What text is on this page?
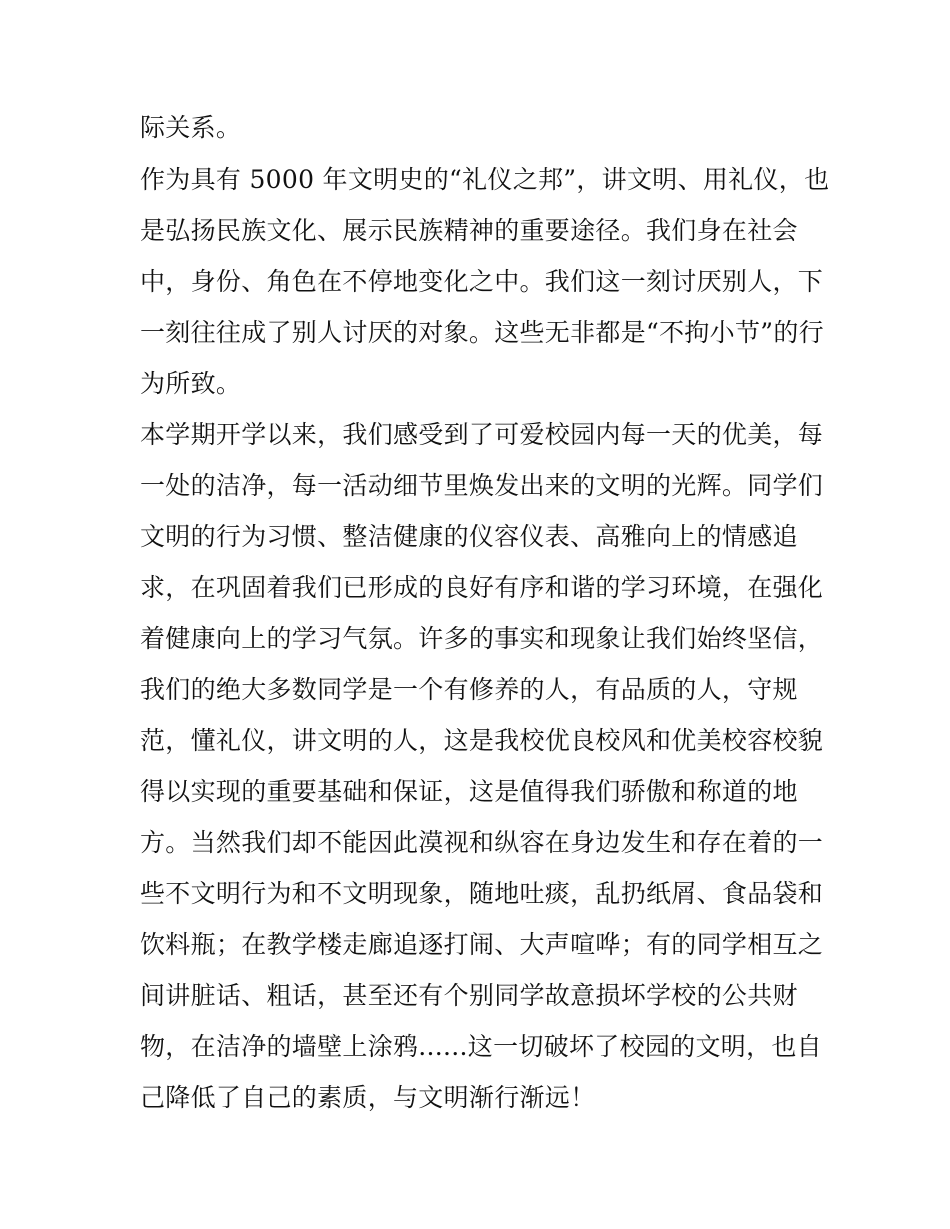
际关系。
作为具有 5000 年文明史的“礼仪之邦”，讲文明、用礼仪，也
是弘扬民族文化、展示民族精神的重要途径。我们身在社会
中，身份、角色在不停地变化之中。我们这一刻讨厌别人，下
一刻往往成了别人讨厌的对象。这些无非都是“不拘小节”的行
为所致。
本学期开学以来，我们感受到了可爱校园内每一天的优美，每
一处的洁净，每一活动细节里焕发出来的文明的光辉。同学们
文明的行为习惯、整洁健康的仪容仪表、高雅向上的情感追
求，在巩固着我们已形成的良好有序和谐的学习环境，在强化
着健康向上的学习气氛。许多的事实和现象让我们始终坚信，
我们的绝大多数同学是一个有修养的人，有品质的人，守规
范，懂礼仪，讲文明的人，这是我校优良校风和优美校容校貌
得以实现的重要基础和保证，这是值得我们骄傲和称道的地
方。当然我们却不能因此漠视和纵容在身边发生和存在着的一
些不文明行为和不文明现象，随地吐痰，乱扔纸屑、食品袋和
饮料瓶；在教学楼走廊追逐打闹、大声喧哗；有的同学相互之
间讲脏话、粗话，甚至还有个别同学故意损坏学校的公共财
物，在洁净的墙壁上涂鸦......这一切破坏了校园的文明，也自
己降低了自己的素质，与文明渐行渐远！
